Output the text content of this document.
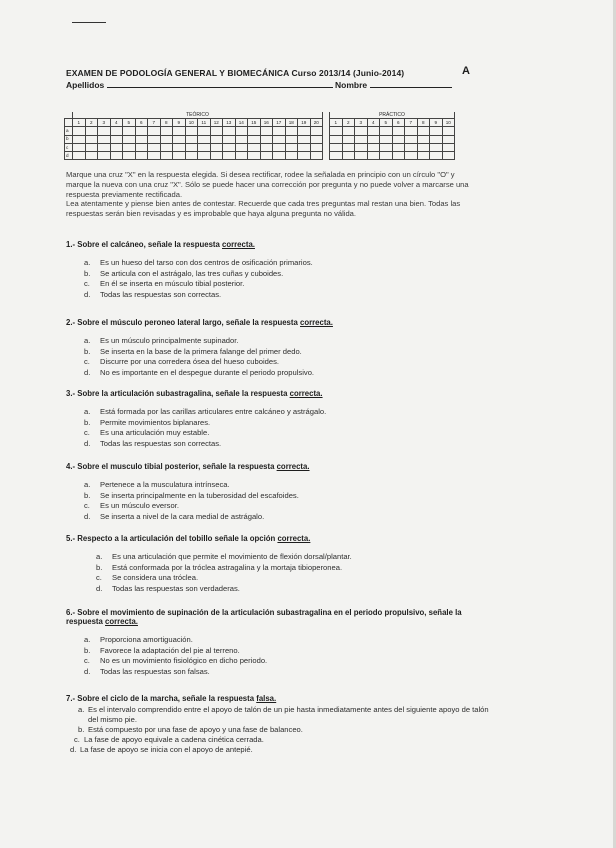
EXAMEN DE PODOLOGÍA GENERAL Y BIOMECÁNICA Curso 2013/14 (Junio-2014)	A
Apellidos	Nombre
	TEÓRICO																					PRÁCTICO									
	1	2	3	4	5	6	7	8	9	10	11	12	13	14	15	16	17	18	19	20		1	2	3	4	5	6	7	8	9	10
a																															
b																															
c																															
d																															
Marque una cruz "X" en la respuesta elegida. Si desea rectificar, rodee la señalada en principio con un círculo "O" y
marque la nueva con una cruz "X". Sólo se puede hacer una corrección por pregunta y no puede volver a marcarse una
respuesta previamente rectificada.
Lea atentamente y piense bien antes de contestar. Recuerde que cada tres preguntas mal restan una bien. Todas las
respuestas serán bien revisadas y es improbable que haya alguna pregunta no válida.
1.- Sobre el calcáneo, señale la respuesta correcta.
a. Es un hueso del tarso con dos centros de osificación primarios.
b. Se articula con el astrágalo, las tres cuñas y cuboides.
c. En él se inserta en músculo tibial posterior.
d. Todas las respuestas son correctas.
2.- Sobre el músculo peroneo lateral largo, señale la respuesta correcta.
a. Es un músculo principalmente supinador.
b. Se inserta en la base de la primera falange del primer dedo.
c. Discurre por una corredera ósea del hueso cuboides.
d. No es importante en el despegue durante el periodo propulsivo.
3.- Sobre la articulación subastragalina, señale la respuesta correcta.
a. Está formada por las carillas articulares entre calcáneo y astrágalo.
b. Permite movimientos biplanares.
c. Es una articulación muy estable.
d. Todas las respuestas son correctas.
4.- Sobre el musculo tibial posterior, señale la respuesta correcta.
a. Pertenece a la musculatura intrínseca.
b. Se inserta principalmente en la tuberosidad del escafoides.
c. Es un músculo eversor.
d. Se inserta a nivel de la cara medial de astrágalo.
5.- Respecto a la articulación del tobillo señale la opción correcta.
a. Es una articulación que permite el movimiento de flexión dorsal/plantar.
b. Está conformada por la tróclea astragalina y la mortaja tibioperonea.
c. Se considera una tróclea.
d. Todas las respuestas son verdaderas.
6.- Sobre el movimiento de supinación de la articulación subastragalina en el periodo propulsivo, señale la
respuesta correcta.
a. Proporciona amortiguación.
b. Favorece la adaptación del pie al terreno.
c. No es un movimiento fisiológico en dicho periodo.
d. Todas las respuestas son falsas.
7.- Sobre el ciclo de la marcha, señale la respuesta falsa.
a. Es el intervalo comprendido entre el apoyo de talón de un pie hasta inmediatamente antes del siguiente apoyo de talón
del mismo pie.
b. Está compuesto por una fase de apoyo y una fase de balanceo.
c. La fase de apoyo equivale a cadena cinética cerrada.
d. La fase de apoyo se inicia con el apoyo de antepié.
